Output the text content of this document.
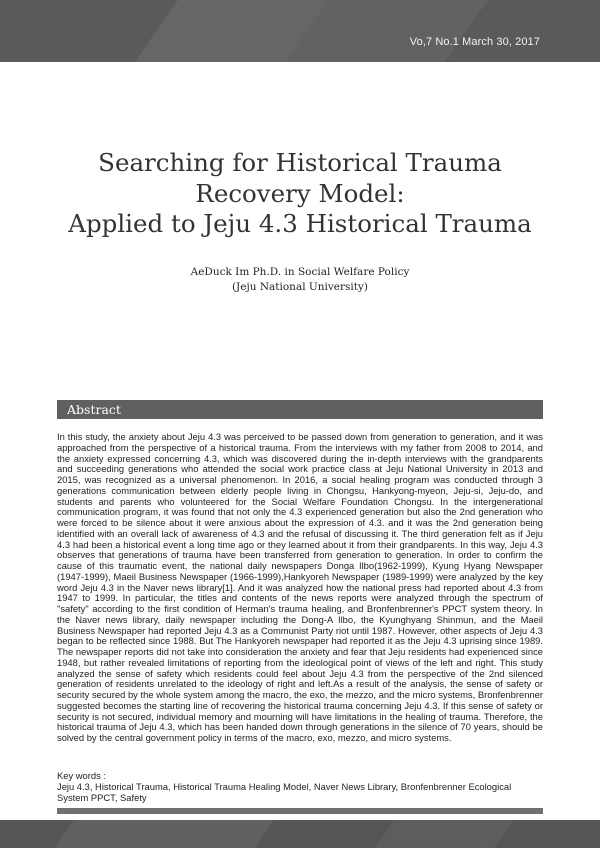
Vo,7 No.1 March 30, 2017
Searching for Historical Trauma
Recovery Model:
Applied to Jeju 4.3 Historical Trauma
AeDuck Im Ph.D. in Social Welfare Policy
(Jeju National University)
Abstract
In this study, the anxiety about Jeju 4.3 was perceived to be passed down from generation to generation, and it was approached from the perspective of a historical trauma. From the interviews with my father from 2008 to 2014, and the anxiety expressed concerning 4.3, which was discovered during the in-depth interviews with the grandparents and succeeding generations who attended the social work practice class at Jeju National University in 2013 and 2015, was recognized as a universal phenomenon. In 2016, a social healing program was conducted through 3 generations communication between elderly people living in Chongsu, Hankyong-myeon, Jeju-si, Jeju-do, and students and parents who volunteered for the Social Welfare Foundation Chongsu. In the intergenerational communication program, it was found that not only the 4.3 experienced generation but also the 2nd generation who were forced to be silence about it were anxious about the expression of 4.3. and it was the 2nd generation being identified with an overall lack of awareness of 4.3 and the refusal of discussing it. The third generation felt as if Jeju 4.3 had been a historical event a long time ago or they learned about it from their grandparents. In this way, Jeju 4.3 observes that generations of trauma have been transferred from generation to generation. In order to confirm the cause of this traumatic event, the national daily newspapers Donga Ilbo(1962-1999), Kyung Hyang Newspaper (1947-1999), Maeil Business Newspaper (1966-1999),Hankyoreh Newspaper (1989-1999) were analyzed by the key word Jeju 4.3 in the Naver news library[1]. And it was analyzed how the national press had reported about 4.3 from 1947 to 1999. In particular, the titles and contents of the news reports were analyzed through the spectrum of "safety" according to the first condition of Herman's trauma healing, and Bronfenbrenner's PPCT system theory. In the Naver news library, daily newspaper including the Dong-A Ilbo, the Kyunghyang Shinmun, and the Maeil Business Newspaper had reported Jeju 4.3 as a Communist Party riot until 1987. However, other aspects of Jeju 4.3 began to be reflected since 1988. But The Hankyoreh newspaper had reported it as the Jeju 4.3 uprising since 1989. The newspaper reports did not take into consideration the anxiety and fear that Jeju residents had experienced since 1948, but rather revealed limitations of reporting from the ideological point of views of the left and right. This study analyzed the sense of safety which residents could feel about Jeju 4.3 from the perspective of the 2nd silenced generation of residents unrelated to the ideology of right and left.As a result of the analysis, the sense of safety or security secured by the whole system among the macro, the exo, the mezzo, and the micro systems, Bronfenbrenner suggested becomes the starting line of recovering the historical trauma concerning Jeju 4.3. If this sense of safety or security is not secured, individual memory and mourning will have limitations in the healing of trauma. Therefore, the historical trauma of Jeju 4.3, which has been handed down through generations in the silence of 70 years, should be solved by the central government policy in terms of the macro, exo, mezzo, and micro systems.
Key words :
Jeju 4.3, Historical Trauma, Historical Trauma Healing Model, Naver News Library, Bronfenbrenner Ecological System PPCT, Safety
